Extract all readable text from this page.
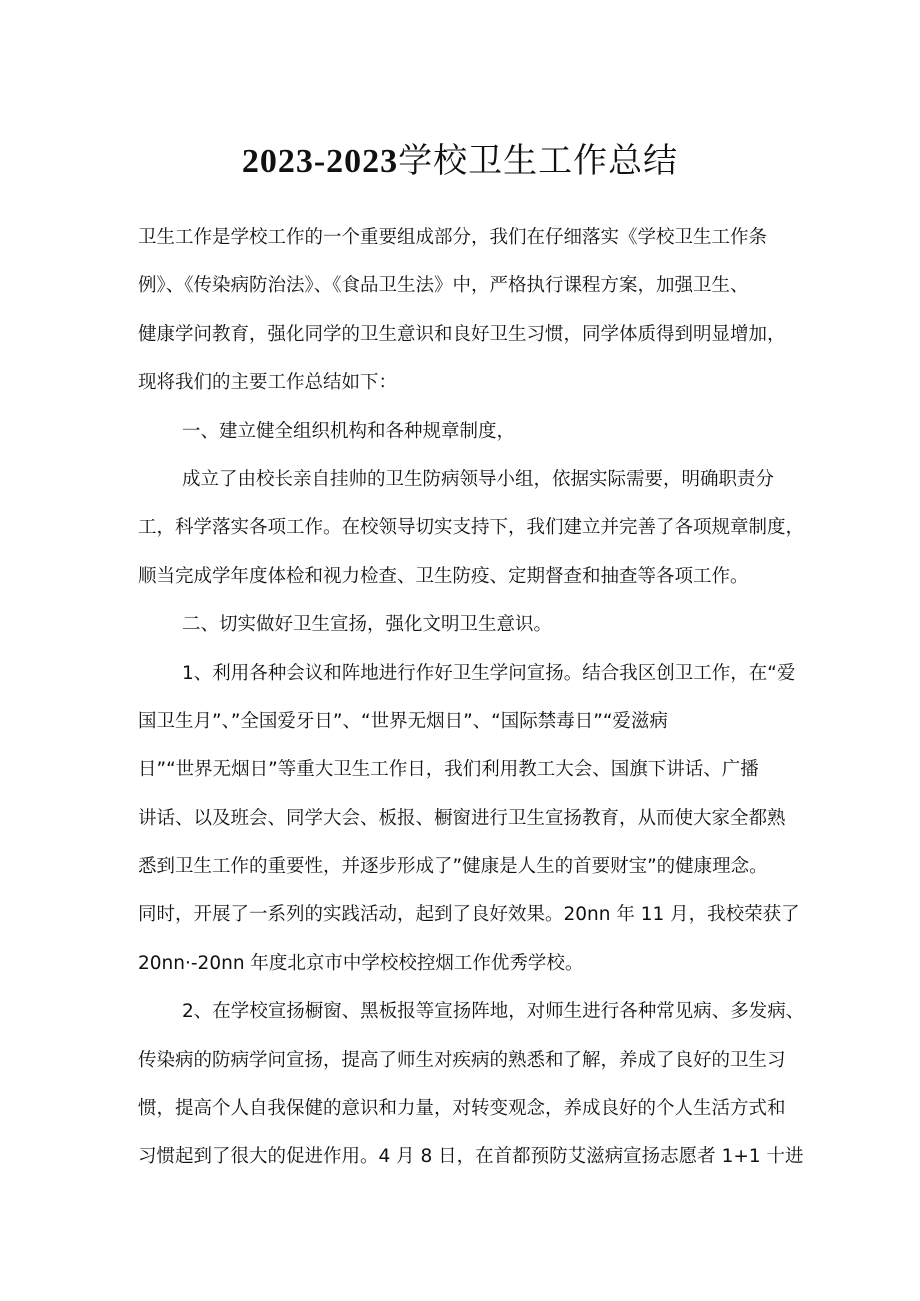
2023-2023学校卫生工作总结
卫生工作是学校工作的一个重要组成部分，我们在仔细落实《学校卫生工作条
例》、《传染病防治法》、《食品卫生法》中，严格执行课程方案，加强卫生、
健康学问教育，强化同学的卫生意识和良好卫生习惯，同学体质得到明显增加，
现将我们的主要工作总结如下：
一、建立健全组织机构和各种规章制度，
成立了由校长亲自挂帅的卫生防病领导小组，依据实际需要，明确职责分
工，科学落实各项工作。在校领导切实支持下，我们建立并完善了各项规章制度，
顺当完成学年度体检和视力检查、卫生防疫、定期督查和抽查等各项工作。
二、切实做好卫生宣扬，强化文明卫生意识。
1、利用各种会议和阵地进行作好卫生学问宣扬。结合我区创卫工作，在“爱
国卫生月”、”全国爱牙日”、“世界无烟日”、“国际禁毒日”“爱滋病
日”“世界无烟日”等重大卫生工作日，我们利用教工大会、国旗下讲话、广播
讲话、以及班会、同学大会、板报、橱窗进行卫生宣扬教育，从而使大家全都熟
悉到卫生工作的重要性，并逐步形成了”健康是人生的首要财宝”的健康理念。
同时，开展了一系列的实践活动，起到了良好效果。20nn 年 11 月，我校荣获了
20nn·-20nn 年度北京市中学校校控烟工作优秀学校。
2、在学校宣扬橱窗、黑板报等宣扬阵地，对师生进行各种常见病、多发病、
传染病的防病学问宣扬，提高了师生对疾病的熟悉和了解，养成了良好的卫生习
惯，提高个人自我保健的意识和力量，对转变观念，养成良好的个人生活方式和
习惯起到了很大的促进作用。4 月 8 日，在首都预防艾滋病宣扬志愿者 1+1 十进
